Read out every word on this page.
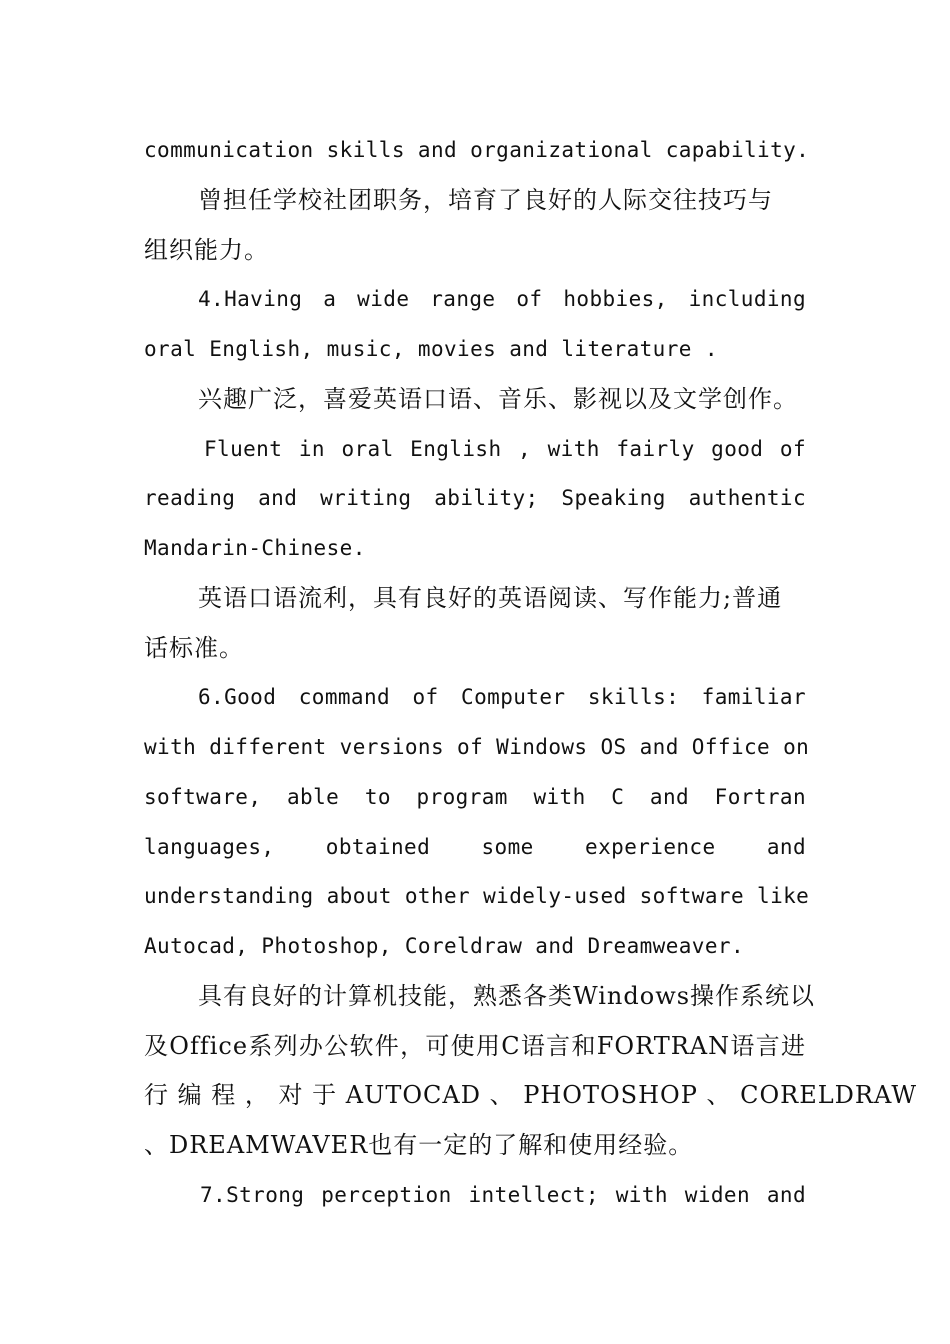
communication skills and organizational capability.

曾担任学校社团职务，培育了良好的人际交往技巧与

组织能力。

4.Having a wide range of hobbies, including

oral English, music, movies and literature .

兴趣广泛，喜爱英语口语、音乐、影视以及文学创作。

Fluent in oral English , with fairly good of

reading and writing ability; Speaking authentic

Mandarin-Chinese.

英语口语流利，具有良好的英语阅读、写作能力;普通

话标准。

6.Good command of Computer skills: familiar

with different versions of Windows OS and Office on

software, able to program with C and Fortran

languages, obtained some experience and

understanding about other widely-used software like

Autocad, Photoshop, Coreldraw and Dreamweaver.

具有良好的计算机技能，熟悉各类Windows操作系统以

及Office系列办公软件，可使用C语言和FORTRAN语言进

行 编 程 ， 对 于 AUTOCAD 、 PHOTOSHOP 、 CORELDRAW

、DREAMWAVER也有一定的了解和使用经验。

7.Strong perception intellect; with widen and
